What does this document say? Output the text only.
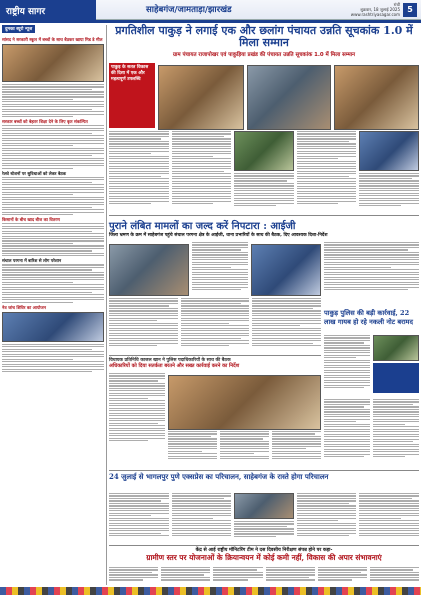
राष्ट्रीय सागर	साहेबगंज/जामताड़ा/झारखंड
रांची
शुक्रवार, 18 जुलाई 2025
www.rashtriyasagar.com
5
दुमका ब्यूरो न्यूज
सांसद ने सरकारी स्कूल में बच्चों के साथ बैठकर खाया मिड डे मील
सरकार बच्चों को बेहतर शिक्षा देने के लिए कृत संकल्पित
रेलवे स्टेशनों पर सुविधाओं को लेकर बैठक
किसानों के बीच खाद बीज का वितरण
संथाल परगना में बारिश से लोग परेशान
नेत्र जांच शिविर का आयोजन
प्रगतिशील पाकुड़ ने लगाई एक और छलांग पंचायत उन्नति सूचकांक 1.0 में मिला सम्मान
ग्राम पंचायत राजापोखर एवं पाकुड़िया प्रखंड की पंचायत उन्नति सूचकांक 1.0 में मिला सम्मान
पाकुड़ के सतत विकास की दिशा में एक और महत्वपूर्ण उपलब्धि
पुराने लंबित मामलों का जल्द करें निपटारा : आईजी
जिला भ्रमण के क्रम में साहेबगंज पहुंचे संथाल परगना क्षेत्र के आईजी, थाना प्रभारियों के साथ की बैठक, दिए आवश्यक दिशा-निर्देश
पाकुड़ पुलिस की बड़ी कार्रवाई, 22 लाख गायब हो रहे नकली नोट बरामद
विधायक प्रतिनिधि काजल खान ने पुलिस पदाधिकारियों के साथ की बैठक
अधिकारियों को दिया सतर्कता बरतने और सख्त कार्रवाई करने का निर्देश
24 जुलाई से भागलपुर पुणे एक्सप्रेस का परिचालन, साहेबगंज के रास्ते होगा परिचालन
केंद्र से आई राष्ट्रीय मॉनिटरिंग टीम ने दस दिवसीय निरीक्षण संपन्न होने पर कहा-
ग्रामीण स्तर पर योजनाओं के क्रियान्वयन में कोई कमी नहीं, विकास की अपार संभावनाएं
